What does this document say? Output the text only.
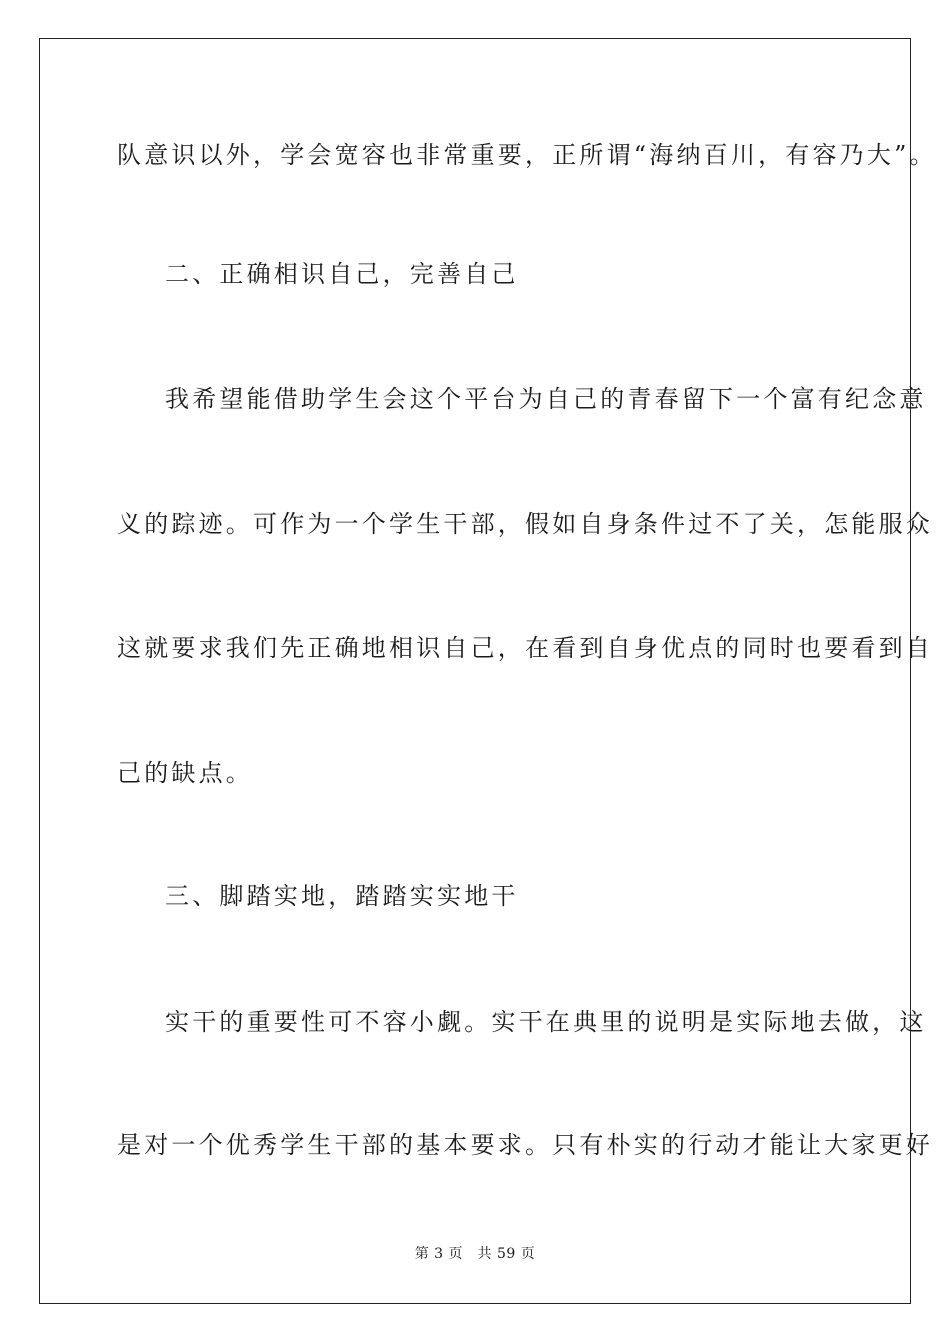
队意识以外，学会宽容也非常重要，正所谓“海纳百川，有容乃大”。
二、正确相识自己，完善自己
我希望能借助学生会这个平台为自己的青春留下一个富有纪念意
义的踪迹。可作为一个学生干部，假如自身条件过不了关，怎能服众
这就要求我们先正确地相识自己，在看到自身优点的同时也要看到自
己的缺点。
三、脚踏实地，踏踏实实地干
实干的重要性可不容小觑。实干在典里的说明是实际地去做，这
是对一个优秀学生干部的基本要求。只有朴实的行动才能让大家更好
第 3 页　共 59 页
